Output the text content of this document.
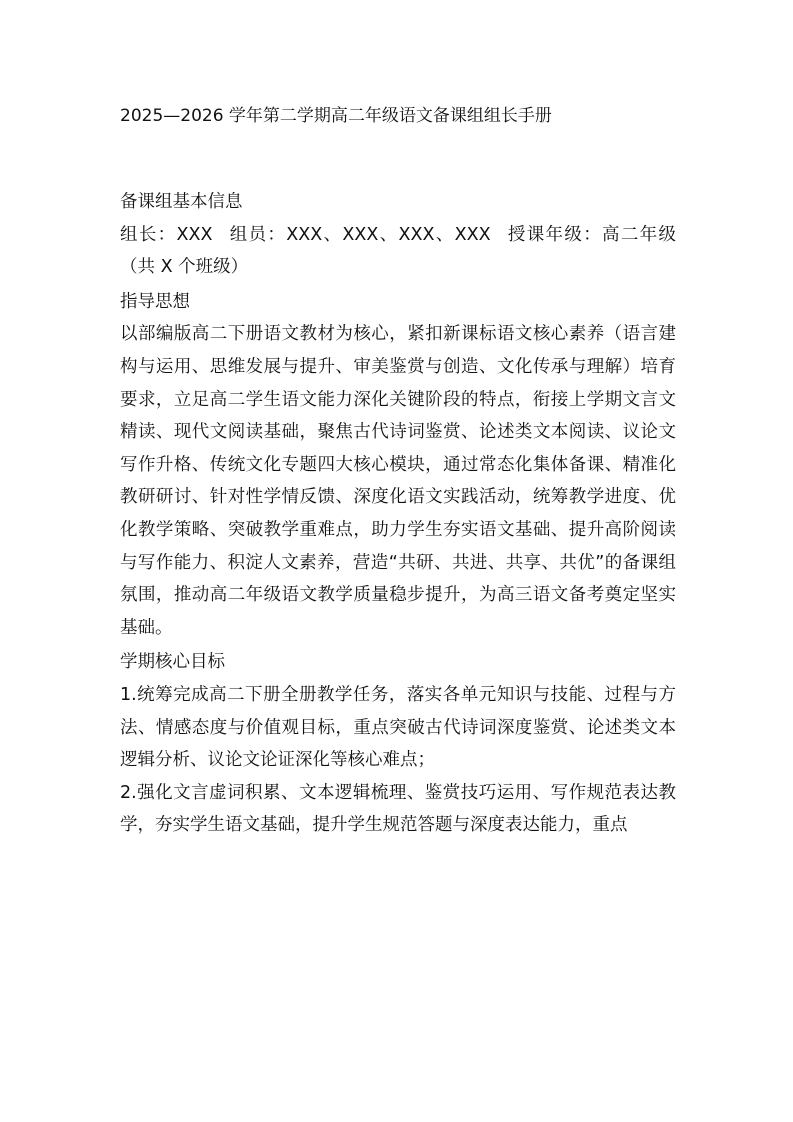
2025—2026 学年第二学期高二年级语文备课组组长手册
备课组基本信息

组长：XXX 组员：XXX、XXX、XXX、XXX 授课年级：高二年级（共 X 个班级）

指导思想

以部编版高二下册语文教材为核心，紧扣新课标语文核心素养（语言建构与运用、思维发展与提升、审美鉴赏与创造、文化传承与理解）培育要求，立足高二学生语文能力深化关键阶段的特点，衔接上学期文言文精读、现代文阅读基础，聚焦古代诗词鉴赏、论述类文本阅读、议论文写作升格、传统文化专题四大核心模块，通过常态化集体备课、精准化教研研讨、针对性学情反馈、深度化语文实践活动，统筹教学进度、优化教学策略、突破教学重难点，助力学生夯实语文基础、提升高阶阅读与写作能力、积淀人文素养，营造“共研、共进、共享、共优”的备课组氛围，推动高二年级语文教学质量稳步提升，为高三语文备考奠定坚实基础。

学期核心目标

1.统筹完成高二下册全册教学任务，落实各单元知识与技能、过程与方法、情感态度与价值观目标，重点突破古代诗词深度鉴赏、论述类文本逻辑分析、议论文论证深化等核心难点；

2.强化文言虚词积累、文本逻辑梳理、鉴赏技巧运用、写作规范表达教学，夯实学生语文基础，提升学生规范答题与深度表达能力，重点
